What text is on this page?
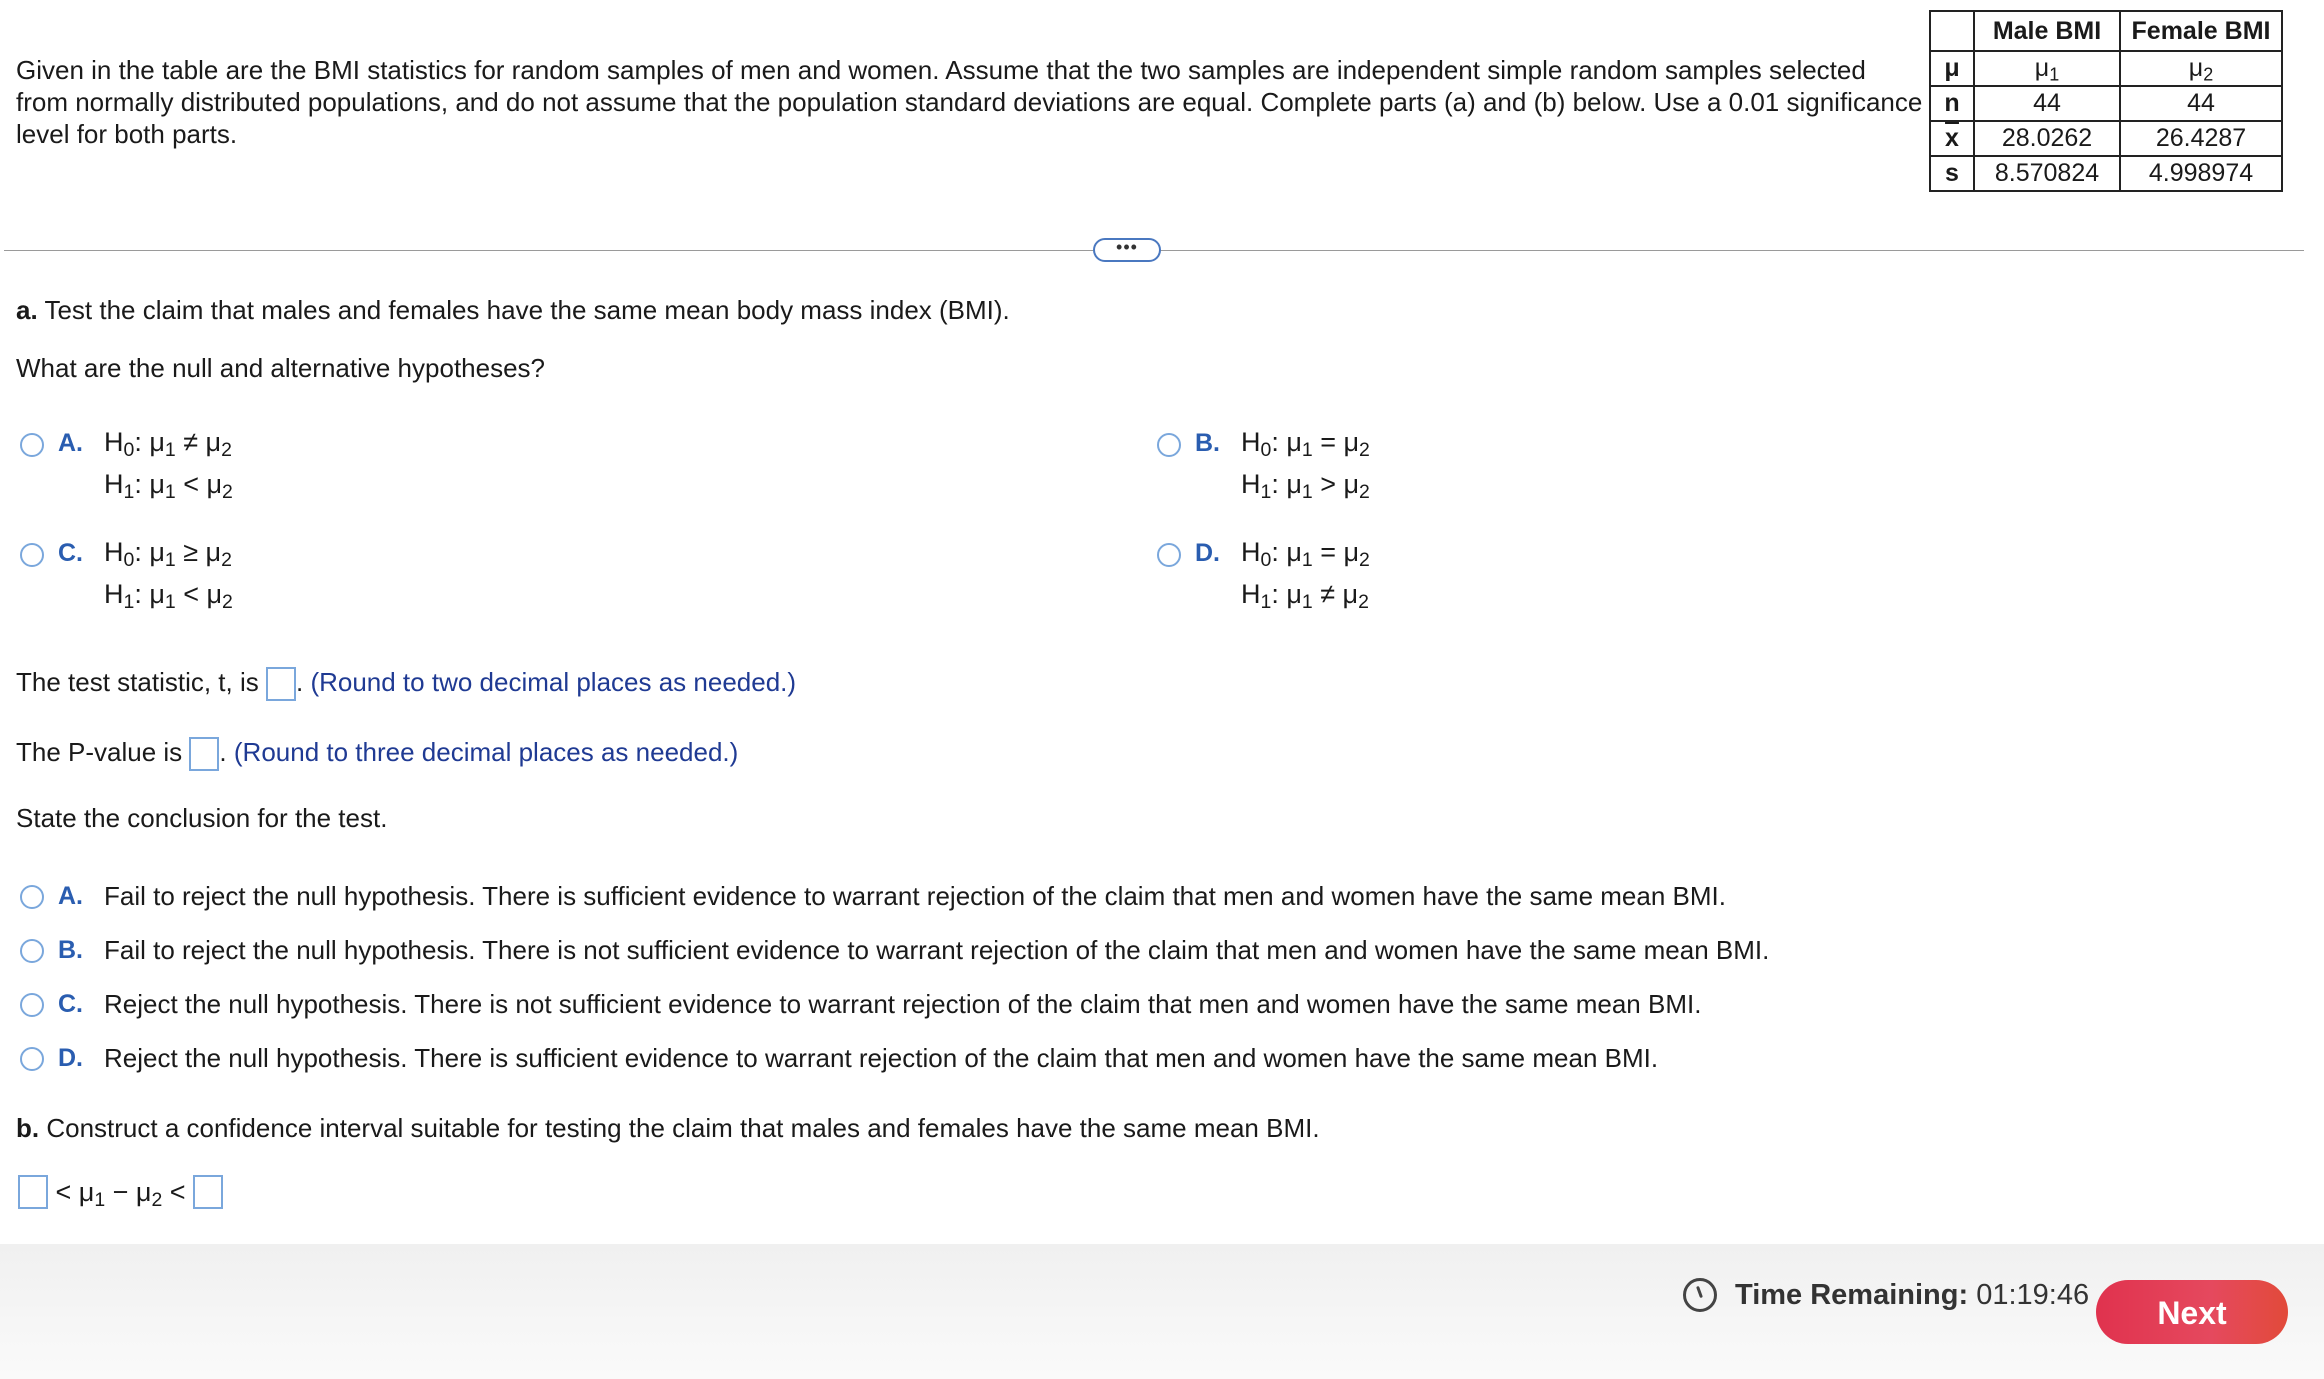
Given in the table are the BMI statistics for random samples of men and women. Assume that the two samples are independent simple random samples selected
from normally distributed populations, and do not assume that the population standard deviations are equal. Complete parts (a) and (b) below. Use a 0.01 significance
level for both parts.
	Male BMI	Female BMI
μ	$\mu_1$	$\mu_2$
n	44	44
$\overline{x}$	28.0262	26.4287
s	8.570824	4.998974
•••
a. Test the claim that males and females have the same mean body mass index (BMI).
What are the null and alternative hypotheses?
A. $H_0$: $\mu_1 \ne \mu_2$
$H_1$: $\mu_1 < \mu_2$
B. $H_0$: $\mu_1 = \mu_2$
$H_1$: $\mu_1 > \mu_2$
C. $H_0$: $\mu_1 \ge \mu_2$
$H_1$: $\mu_1 < \mu_2$
D. $H_0$: $\mu_1 = \mu_2$
$H_1$: $\mu_1 \ne \mu_2$
The test statistic, t, is . (Round to two decimal places as needed.)
The P-value is . (Round to three decimal places as needed.)
State the conclusion for the test.
A. Fail to reject the null hypothesis. There is sufficient evidence to warrant rejection of the claim that men and women have the same mean BMI.
B. Fail to reject the null hypothesis. There is not sufficient evidence to warrant rejection of the claim that men and women have the same mean BMI.
C. Reject the null hypothesis. There is not sufficient evidence to warrant rejection of the claim that men and women have the same mean BMI.
D. Reject the null hypothesis. There is sufficient evidence to warrant rejection of the claim that men and women have the same mean BMI.
b. Construct a confidence interval suitable for testing the claim that males and females have the same mean BMI.
< $\mu_1 - \mu_2$ <
Time Remaining: 01:19:46	Next
